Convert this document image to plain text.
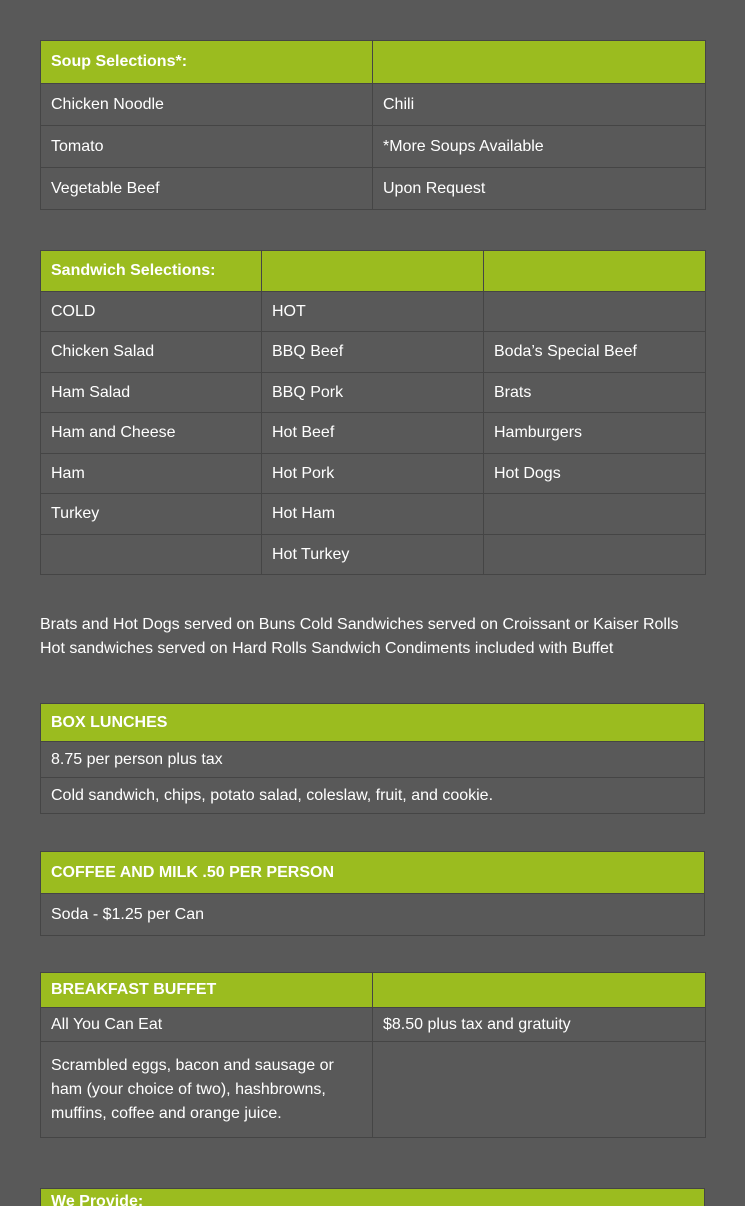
Soup Selections*:	
Chicken Noodle	Chili
Tomato	*More Soups Available
Vegetable Beef	Upon Request
Sandwich Selections:		
COLD	HOT	
Chicken Salad	BBQ Beef	Boda’s Special Beef
Ham Salad	BBQ Pork	Brats
Ham and Cheese	Hot Beef	Hamburgers
Ham	Hot Pork	Hot Dogs
Turkey	Hot Ham	
	Hot Turkey	
Brats and Hot Dogs served on Buns Cold Sandwiches served on Croissant or Kaiser Rolls Hot sandwiches served on Hard Rolls Sandwich Condiments included with Buffet
BOX LUNCHES
8.75 per person plus tax
Cold sandwich, chips, potato salad, coleslaw, fruit, and cookie.
COFFEE AND MILK .50 PER PERSON
Soda - $1.25 per Can
BREAKFAST BUFFET	
All You Can Eat	$8.50 plus tax and gratuity
Scrambled eggs, bacon and sausage or ham (your choice of two), hashbrowns, muffins, coffee and orange juice.	
We Provide:
